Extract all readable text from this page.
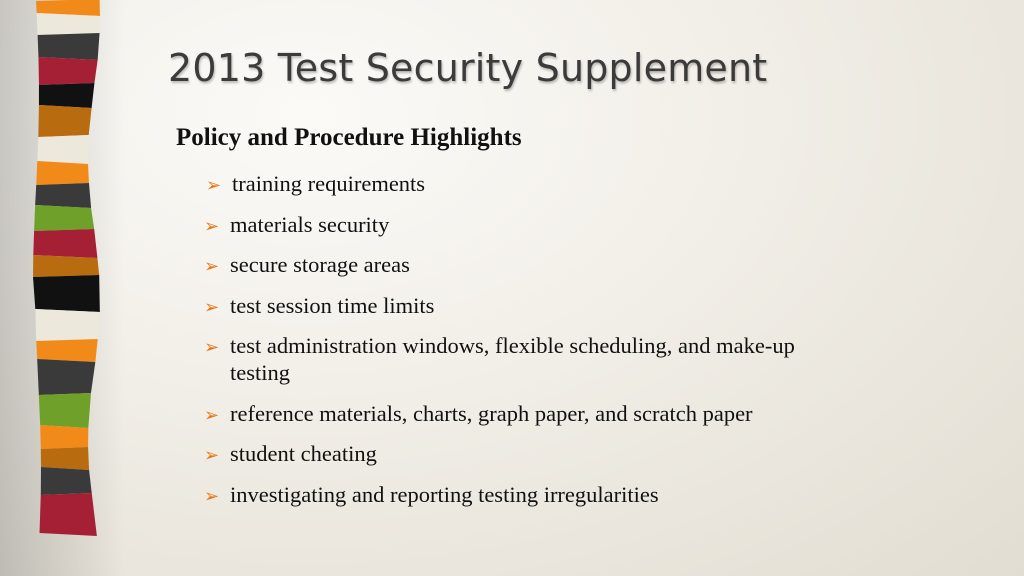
2013 Test Security Supplement
Policy and Procedure Highlights
➢ training requirements
➢ materials security
➢ secure storage areas
➢ test session time limits
➢ test administration windows, flexible scheduling, and make-up testing
➢ reference materials, charts, graph paper, and scratch paper
➢ student cheating
➢ investigating and reporting testing irregularities
